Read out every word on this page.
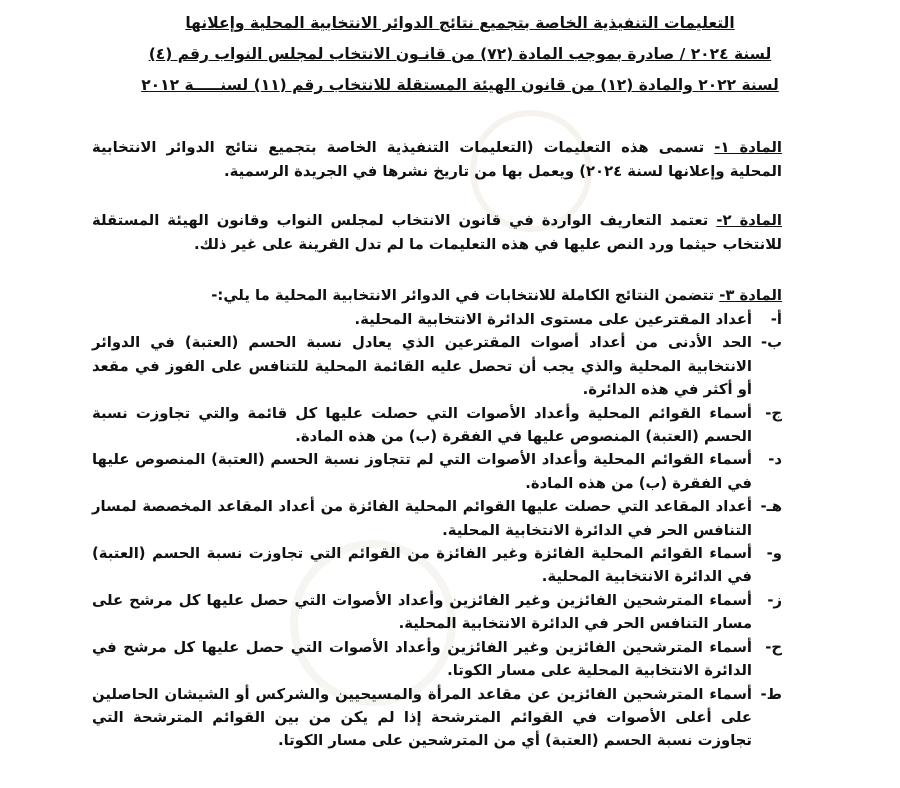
التعليمات التنفيذية الخاصة بتجميع نتائج الدوائر الانتخابية المحلية وإعلانها
لسنة ٢٠٢٤ / صادرة بموجب المادة (٧٢) من قانـون الانتخاب لمجلس النواب رقم (٤)
لسنة ٢٠٢٢ والمادة (١٢) من قانون الهيئة المستقلة للانتخاب رقم (١١) لسنـــــة ٢٠١٢

المادة ١- تسمى هذه التعليمات (التعليمات التنفيذية الخاصة بتجميع نتائج الدوائر الانتخابية المحلية وإعلانها لسنة ٢٠٢٤) ويعمل بها من تاريخ نشرها في الجريدة الرسمية.

المادة ٢- تعتمد التعاريف الواردة في قانون الانتخاب لمجلس النواب وقانون الهيئة المستقلة للانتخاب حيثما ورد النص عليها في هذه التعليمات ما لم تدل القرينة على غير ذلك.

المادة ٣- تتضمن النتائج الكاملة للانتخابات في الدوائر الانتخابية المحلية ما يلي:-

أ-
أعداد المقترعين على مستوى الدائرة الانتخابية المحلية.
ب-
الحد الأدنى من أعداد أصوات المقترعين الذي يعادل نسبة الحسم (العتبة) في الدوائر الانتخابية المحلية والذي يجب أن تحصل عليه القائمة المحلية للتنافس على الفوز في مقعد أو أكثر في هذه الدائرة.
ج-
أسماء القوائم المحلية وأعداد الأصوات التي حصلت عليها كل قائمة والتي تجاوزت نسبة الحسم (العتبة) المنصوص عليها في الفقرة (ب) من هذه المادة.
د-
أسماء القوائم المحلية وأعداد الأصوات التي لم تتجاوز نسبة الحسم (العتبة) المنصوص عليها في الفقرة (ب) من هذه المادة.
هـ-
أعداد المقاعد التي حصلت عليها القوائم المحلية الفائزة من أعداد المقاعد المخصصة لمسار التنافس الحر في الدائرة الانتخابية المحلية.
و-
أسماء القوائم المحلية الفائزة وغير الفائزة من القوائم التي تجاوزت نسبة الحسم (العتبة) في الدائرة الانتخابية المحلية.
ز-
أسماء المترشحين الفائزين وغير الفائزين وأعداد الأصوات التي حصل عليها كل مرشح على مسار التنافس الحر في الدائرة الانتخابية المحلية.
ح-
أسماء المترشحين الفائزين وغير الفائزين وأعداد الأصوات التي حصل عليها كل مرشح في الدائرة الانتخابية المحلية على مسار الكوتا.
ط-
أسماء المترشحين الفائزين عن مقاعد المرأة والمسيحيين والشركس أو الشيشان الحاصلين على أعلى الأصوات في القوائم المترشحة إذا لم يكن من بين القوائم المترشحة التي تجاوزت نسبة الحسم (العتبة) أي من المترشحين على مسار الكوتا.
